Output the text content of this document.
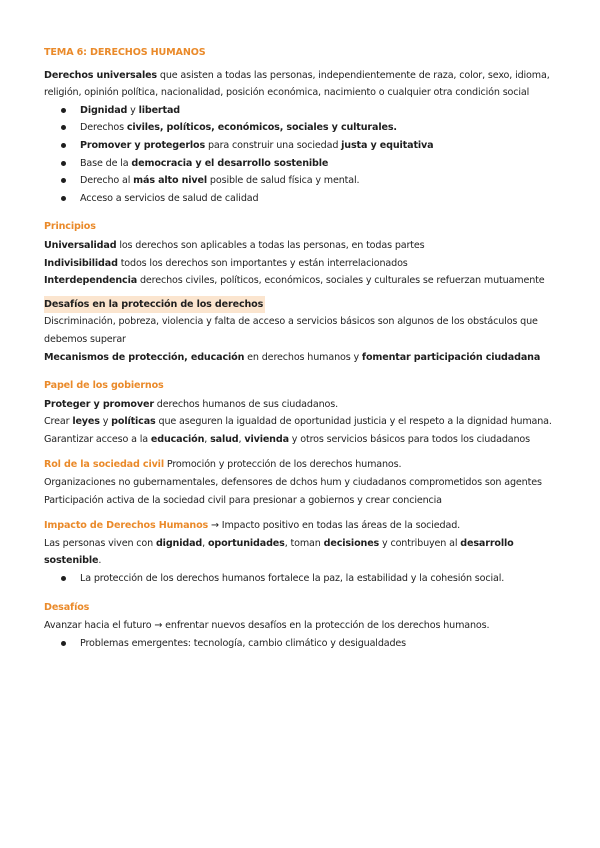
TEMA 6: DERECHOS HUMANOS

Derechos universales que asisten a todas las personas, independientemente de raza, color, sexo, idioma, religión, opinión política, nacionalidad, posición económica, nacimiento o cualquier otra condición social

Dignidad y libertad
Derechos civiles, políticos, económicos, sociales y culturales.
Promover y protegerlos para construir una sociedad justa y equitativa
Base de la democracia y el desarrollo sostenible
Derecho al más alto nivel posible de salud física y mental.
Acceso a servicios de salud de calidad
Principios

Universalidad los derechos son aplicables a todas las personas, en todas partes

Indivisibilidad todos los derechos son importantes y están interrelacionados

Interdependencia derechos civiles, políticos, económicos, sociales y culturales se refuerzan mutuamente

Desafíos en la protección de los derechos

Discriminación, pobreza, violencia y falta de acceso a servicios básicos son algunos de los obstáculos que debemos superar

Mecanismos de protección, educación en derechos humanos y fomentar participación ciudadana

Papel de los gobiernos

Proteger y promover derechos humanos de sus ciudadanos.

Crear leyes y políticas que aseguren la igualdad de oportunidad justicia y el respeto a la dignidad humana.

Garantizar acceso a la educación, salud, vivienda y otros servicios básicos para todos los ciudadanos

Rol de la sociedad civil Promoción y protección de los derechos humanos.

Organizaciones no gubernamentales, defensores de dchos hum y ciudadanos comprometidos son agentes

Participación activa de la sociedad civil para presionar a gobiernos y crear conciencia

Impacto de Derechos Humanos → Impacto positivo en todas las áreas de la sociedad.

Las personas viven con dignidad, oportunidades, toman decisiones y contribuyen al desarrollo sostenible.

La protección de los derechos humanos fortalece la paz, la estabilidad y la cohesión social.
Desafíos

Avanzar hacia el futuro → enfrentar nuevos desafíos en la protección de los derechos humanos.

Problemas emergentes: tecnología, cambio climático y desigualdades
